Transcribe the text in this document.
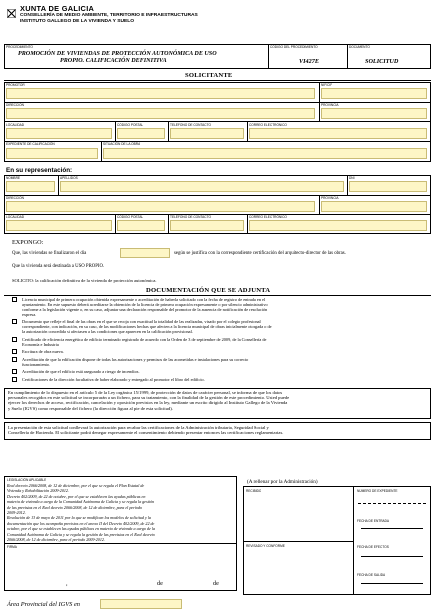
XUNTA DE GALICIA
CONSELLERÍA DE MEDIO AMBIENTE, TERRITORIO E INFRAESTRUCTURAS
INSTITUTO GALLEGO DE LA VIVIENDA Y SUELO
PROCEDIMIENTO
PROMOCIÓN DE VIVIENDAS DE PROTECCIÓN AUTONÓMICA DE USO
PROPIO. CALIFICACIÓN DEFINITIVA
CÓDIGO DEL PROCEDIMIENTO
VI427E
DOCUMENTO
SOLICITUD
SOLICITANTE
PROMOTOR	NIF/CIF
DIRECCIÓN	PROVINCIA
LOCALIDAD	CÓDIGO POSTAL	TELÉFONO DE CONTACTO	CORREO ELECTRÓNICO
EXPEDIENTE DE CALIFICACIÓN	SITUACIÓN DE LA OBRA
En su representación:
NOMBRE	APELLIDOS	DNI
DIRECCIÓN	PROVINCIA
LOCALIDAD	CÓDIGO POSTAL	TELÉFONO DE CONTACTO	CORREO ELECTRÓNICO
EXPONGO:
Que, las viviendas se finalizaron el día	según se justifica con la correspondiente certificación del arquitecto-director de las obras.
Que la vivienda será destinada a USO PROPIO.
SOLICITO: la calificación definitiva de la vivienda de protección autonómica.
DOCUMENTACIÓN QUE SE ADJUNTA
Licencia municipal de primera ocupación obtenida expresamente o acreditación de haberla solicitado con la fecha de registro de entrada en el
ayuntamiento. En este supuesto deberá acreditarse la obtención de la licencia de primera ocupación expresamente o por silencio administrativo
conforme a la legislación vigente o, en su caso, adjuntar una declaración responsable del promotor de la ausencia de notificación de resolución
expresa.
Documento que refleje el final de las obras en el que se recoja con exactitud la totalidad de las realizadas, visado por el colegio profesional
correspondiente, con indicación, en su caso, de las modificaciones hechas que afecten a la licencia municipal de obras inicialmente otorgada o de
la autorización concedida si afectasen a las condiciones que aparecen en la calificación provisional.
Certificado de eficiencia energética de edificio terminado registrado de acuerdo con la Orden de 3 de septiembre de 2009, de la Consellería de
Economía e Industria
Escritura de obra nueva.
Acreditación de que la edificación dispone de todas las autorizaciones y permisos de las acometidas e instalaciones para su correcto
funcionamiento.
Acreditación de que el edificio está asegurado a riesgo de incendios.
Certificaciones de la dirección facultativa de haber elaborado y entregado al promotor el libro del edificio.
En cumplimiento de lo dispuesto en el artículo 5 de la Ley orgánica 15/1999, de protección de datos de carácter personal, se informa de que los datos
personales recogidos en este solicitud se incorporarán a un fichero, para su tratamiento, con la finalidad de la gestión de este procedimiento. Usted puede
ejercer los derechos de acceso, rectificación, cancelación y oposición previstos en la ley, mediante un escrito dirigido al Instituto Gallego de la Vivienda
y Suelo (IGVS) como responsable del fichero (la dirección figura al pie de esta solicitud).
La presentación de esta solicitud conllevará la autorización para recabar las certificaciones de la Administración tributaria, Seguridad Social y
Consellería de Hacienda. El solicitante podrá denegar expresamente el consentimiento debiendo presentar entonces las certificaciones reglamentarias.
LEGISLACIÓN APLICABLE
Real decreto 2066/2008, de 12 de diciembre, por el que se regula el Plan Estatal de
Vivienda y Rehabilitación 2009-2012.
Decreto 402/2009, de 22 de octubre, por el que se establecen las ayudas públicas en
materia de vivienda a cargo de la Comunidad Autónoma de Galicia y se regula la gestión
de las previstas en el Real decreto 2066/2008, de 12 de diciembre, para el período
2009-2012.
Resolución de 13 de mayo de 2011 por la que se modifican los modelos de solicitud y la
documentación que los acompaña previstos en el anexo II del Decreto 402/2009, de 22 de
octubre, por el que se establecen las ayudas públicas en materia de vivienda a cargo de la
Comunidad Autónoma de Galicia y se regula la gestión de las previstas en el Real decreto
2066/2008, de 12 de diciembre, para el período 2009-2012.
FIRMA
,	de	de
Área Provincial del IGVS en
(A rellenar por la Administración)
RECIBIDO
REVISADO Y CONFORME
NÚMERO DE EXPEDIENTE
FECHA DE ENTRADA
FECHA DE EFECTOS
FECHA DE SALIDA
